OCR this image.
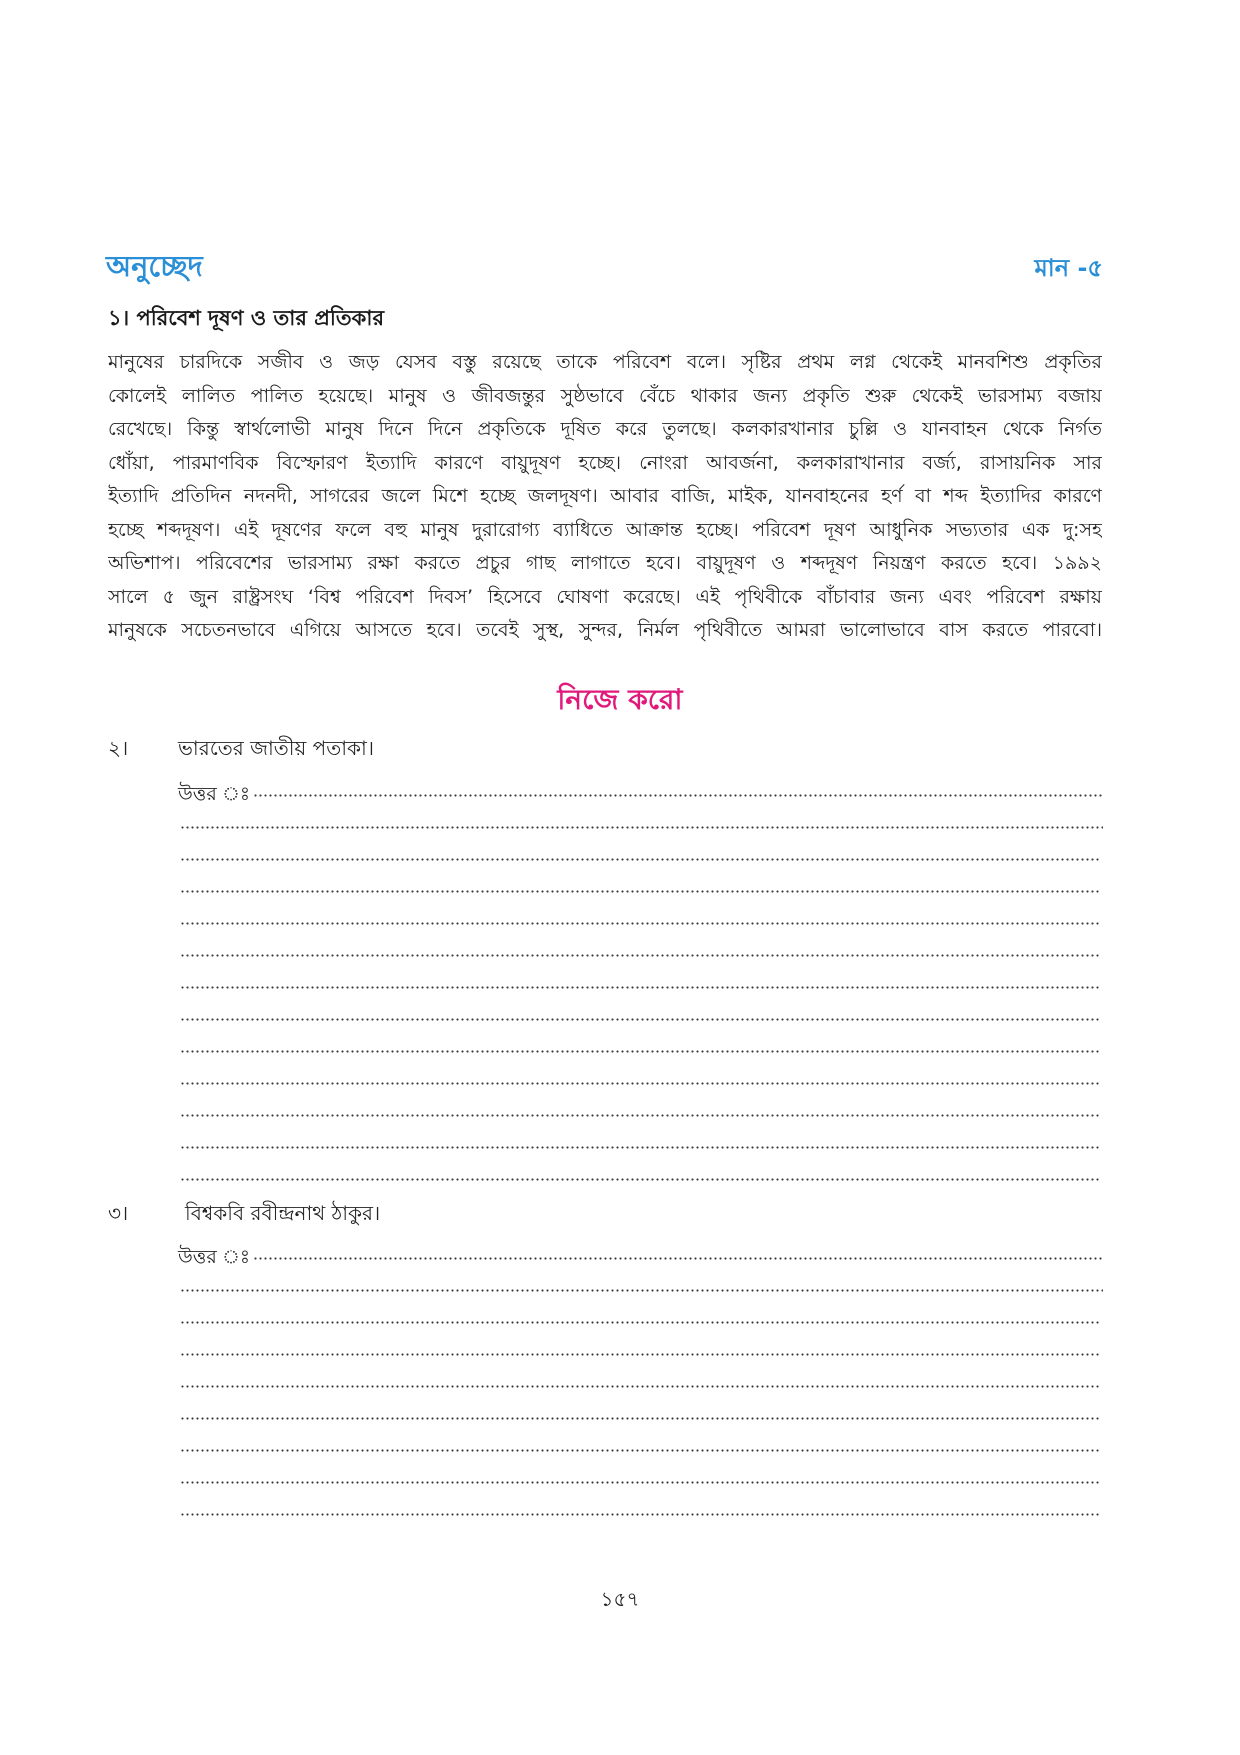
অনুচ্ছেদ	মান -৫
১। পরিবেশ দূষণ ও তার প্রতিকার
মানুষের চারদিকে সজীব ও জড় যেসব বস্তু রয়েছে তাকে পরিবেশ বলে। সৃষ্টির প্রথম লগ্ন থেকেই মানবশিশু প্রকৃতির
কোলেই লালিত পালিত হয়েছে। মানুষ ও জীবজন্তুর সুষ্ঠভাবে বেঁচে থাকার জন্য প্রকৃতি শুরু থেকেই ভারসাম্য বজায়
রেখেছে। কিন্তু স্বার্থলোভী মানুষ দিনে দিনে প্রকৃতিকে দূষিত করে তুলছে। কলকারখানার চুল্লি ও যানবাহন থেকে নির্গত
ধোঁয়া, পারমাণবিক বিস্ফোরণ ইত্যাদি কারণে বায়ুদূষণ হচ্ছে। নোংরা আবর্জনা, কলকারাখানার বর্জ্য, রাসায়নিক সার
ইত্যাদি প্রতিদিন নদনদী, সাগরের জলে মিশে হচ্ছে জলদূষণ। আবার বাজি, মাইক, যানবাহনের হর্ণ বা শব্দ ইত্যাদির কারণে
হচ্ছে শব্দদূষণ। এই দূষণের ফলে বহু মানুষ দুরারোগ্য ব্যাধিতে আক্রান্ত হচ্ছে। পরিবেশ দূষণ আধুনিক সভ্যতার এক দু:সহ
অভিশাপ। পরিবেশের ভারসাম্য রক্ষা করতে প্রচুর গাছ লাগাতে হবে। বায়ুদূষণ ও শব্দদূষণ নিয়ন্ত্রণ করতে হবে। ১৯৯২
সালে ৫ জুন রাষ্ট্রসংঘ ‘বিশ্ব পরিবেশ দিবস’ হিসেবে ঘোষণা করেছে। এই পৃথিবীকে বাঁচাবার জন্য এবং পরিবেশ রক্ষায়
মানুষকে সচেতনভাবে এগিয়ে আসতে হবে। তবেই সুস্থ, সুন্দর, নির্মল পৃথিবীতে আমরা ভালোভাবে বাস করতে পারবো।
নিজে করো
২। ভারতের জাতীয় পতাকা।
উত্তর ঃ
৩।	বিশ্বকবি রবীন্দ্রনাথ ঠাকুর।
উত্তর ঃ
১৫৭
